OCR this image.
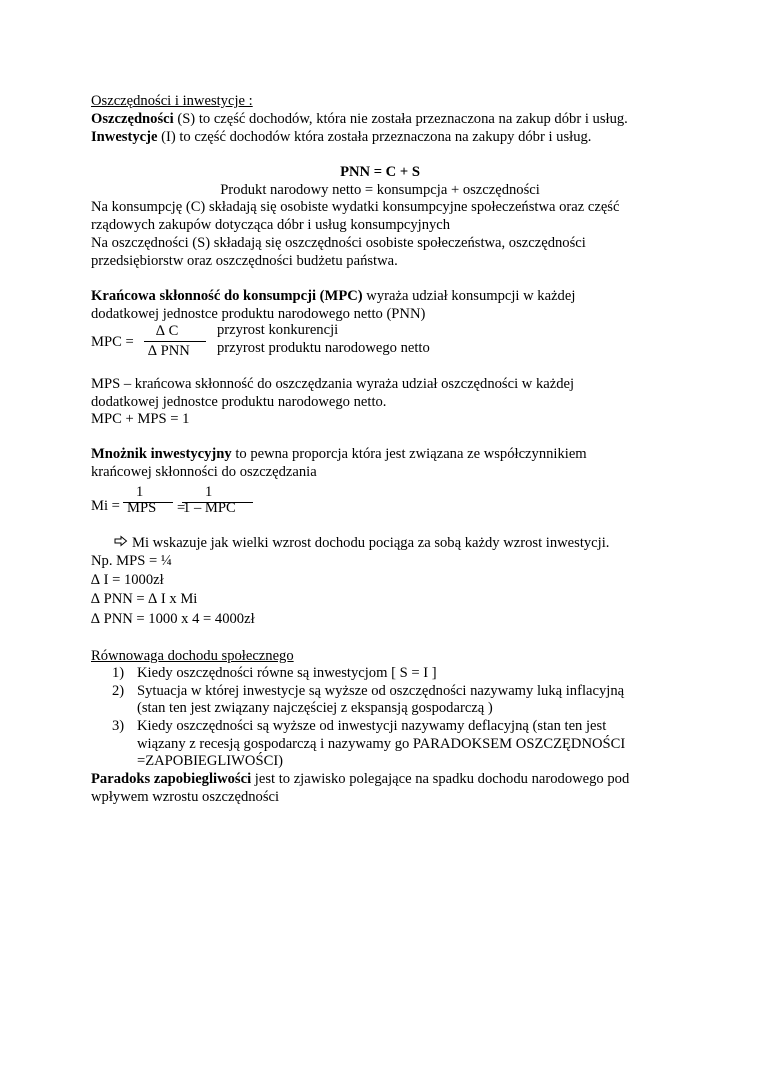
Oszczędności i inwestycje :
Oszczędności (S) to część dochodów, która nie została przeznaczona na zakup dóbr i usług.
Inwestycje (I) to część dochodów która została przeznaczona na zakupy dóbr i usług.
PNN = C + S
Produkt narodowy netto = konsumpcja + oszczędności
Na konsumpcję (C) składają się osobiste wydatki konsumpcyjne społeczeństwa oraz część
rządowych zakupów dotycząca dóbr i usług konsumpcyjnych
Na oszczędności (S) składają się oszczędności osobiste społeczeństwa, oszczędności
przedsiębiorstw oraz oszczędności budżetu państwa.
Krańcowa skłonność do konsumpcji (MPC) wyraża udział konsumpcji w każdej
dodatkowej jednostce produktu narodowego netto (PNN)
MPC =
∆ C
∆ PNN
przyrost konkurencji
przyrost produktu narodowego netto
MPS – krańcowa skłonność do oszczędzania wyraża udział oszczędności w każdej
dodatkowej jednostce produktu narodowego netto.
MPC + MPS = 1
Mnożnik inwestycyjny to pewna proporcja która jest związana ze współczynnikiem
krańcowej skłonności do oszczędzania
Mi =
1
MPS =
1
1 – MPC
Mi wskazuje jak wielki wzrost dochodu pociąga za sobą każdy wzrost inwestycji.
Np. MPS = ¼
∆ I = 1000zł
∆ PNN = ∆ I x Mi
∆ PNN = 1000 x 4 = 4000zł
Równowaga dochodu społecznego
1) Kiedy oszczędności równe są inwestycjom [ S = I ]
2) Sytuacja w której inwestycje są wyższe od oszczędności nazywamy luką inflacyjną
(stan ten jest związany najczęściej z ekspansją gospodarczą )
3) Kiedy oszczędności są wyższe od inwestycji nazywamy deflacyjną (stan ten jest
wiązany z recesją gospodarczą i nazywamy go PARADOKSEM OSZCZĘDNOŚCI
=ZAPOBIEGLIWOŚCI)
Paradoks zapobiegliwości jest to zjawisko polegające na spadku dochodu narodowego pod
wpływem wzrostu oszczędności
